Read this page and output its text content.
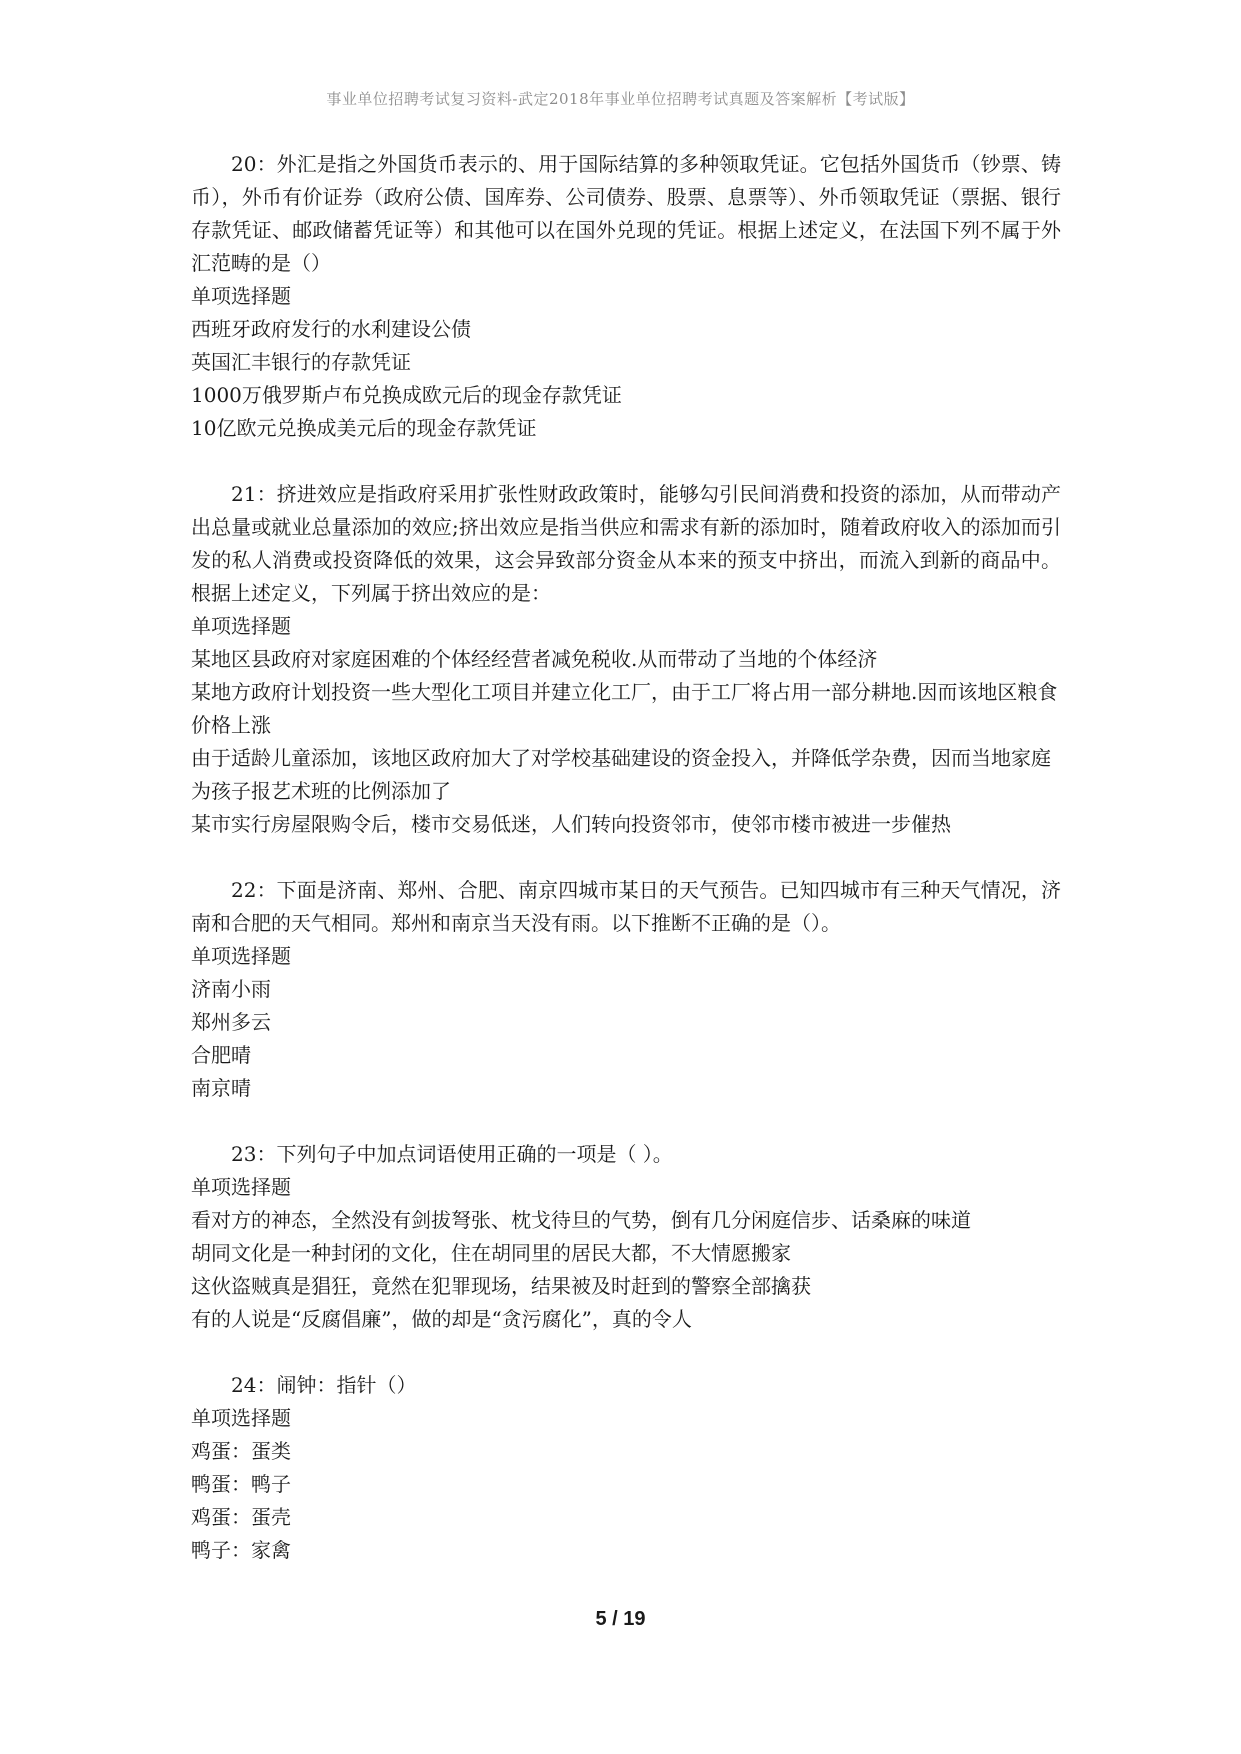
事业单位招聘考试复习资料-武定2018年事业单位招聘考试真题及答案解析【考试版】

20：外汇是指之外国货币表示的、用于国际结算的多种领取凭证。它包括外国货币（钞票、铸币），外币有价证券（政府公债、国库券、公司债券、股票、息票等）、外币领取凭证（票据、银行存款凭证、邮政储蓄凭证等）和其他可以在国外兑现的凭证。根据上述定义，在法国下列不属于外汇范畴的是（）

单项选择题

西班牙政府发行的水利建设公债

英国汇丰银行的存款凭证

1000万俄罗斯卢布兑换成欧元后的现金存款凭证

10亿欧元兑换成美元后的现金存款凭证

21：挤进效应是指政府采用扩张性财政政策时，能够勾引民间消费和投资的添加，从而带动产出总量或就业总量添加的效应;挤出效应是指当供应和需求有新的添加时，随着政府收入的添加而引发的私人消费或投资降低的效果，这会异致部分资金从本来的预支中挤出，而流入到新的商品中。根据上述定义，下列属于挤出效应的是：

单项选择题

某地区县政府对家庭困难的个体经经营者减免税收.从而带动了当地的个体经济

某地方政府计划投资一些大型化工项目并建立化工厂，由于工厂将占用一部分耕地.因而该地区粮食价格上涨

由于适龄儿童添加，该地区政府加大了对学校基础建设的资金投入，并降低学杂费，因而当地家庭为孩子报艺术班的比例添加了

某市实行房屋限购令后，楼市交易低迷，人们转向投资邻市，使邻市楼市被进一步催热

22：下面是济南、郑州、合肥、南京四城市某日的天气预告。已知四城市有三种天气情况，济南和合肥的天气相同。郑州和南京当天没有雨。以下推断不正确的是（）。

单项选择题

济南小雨

郑州多云

合肥晴

南京晴

23：下列句子中加点词语使用正确的一项是（ ）。

单项选择题

看对方的神态，全然没有剑拔弩张、枕戈待旦的气势，倒有几分闲庭信步、话桑麻的味道

胡同文化是一种封闭的文化，住在胡同里的居民大都，不大情愿搬家

这伙盗贼真是猖狂，竟然在犯罪现场，结果被及时赶到的警察全部擒获

有的人说是“反腐倡廉”，做的却是“贪污腐化”，真的令人

24：闹钟：指针（）

单项选择题

鸡蛋：蛋类

鸭蛋：鸭子

鸡蛋：蛋壳

鸭子：家禽

5 / 19
